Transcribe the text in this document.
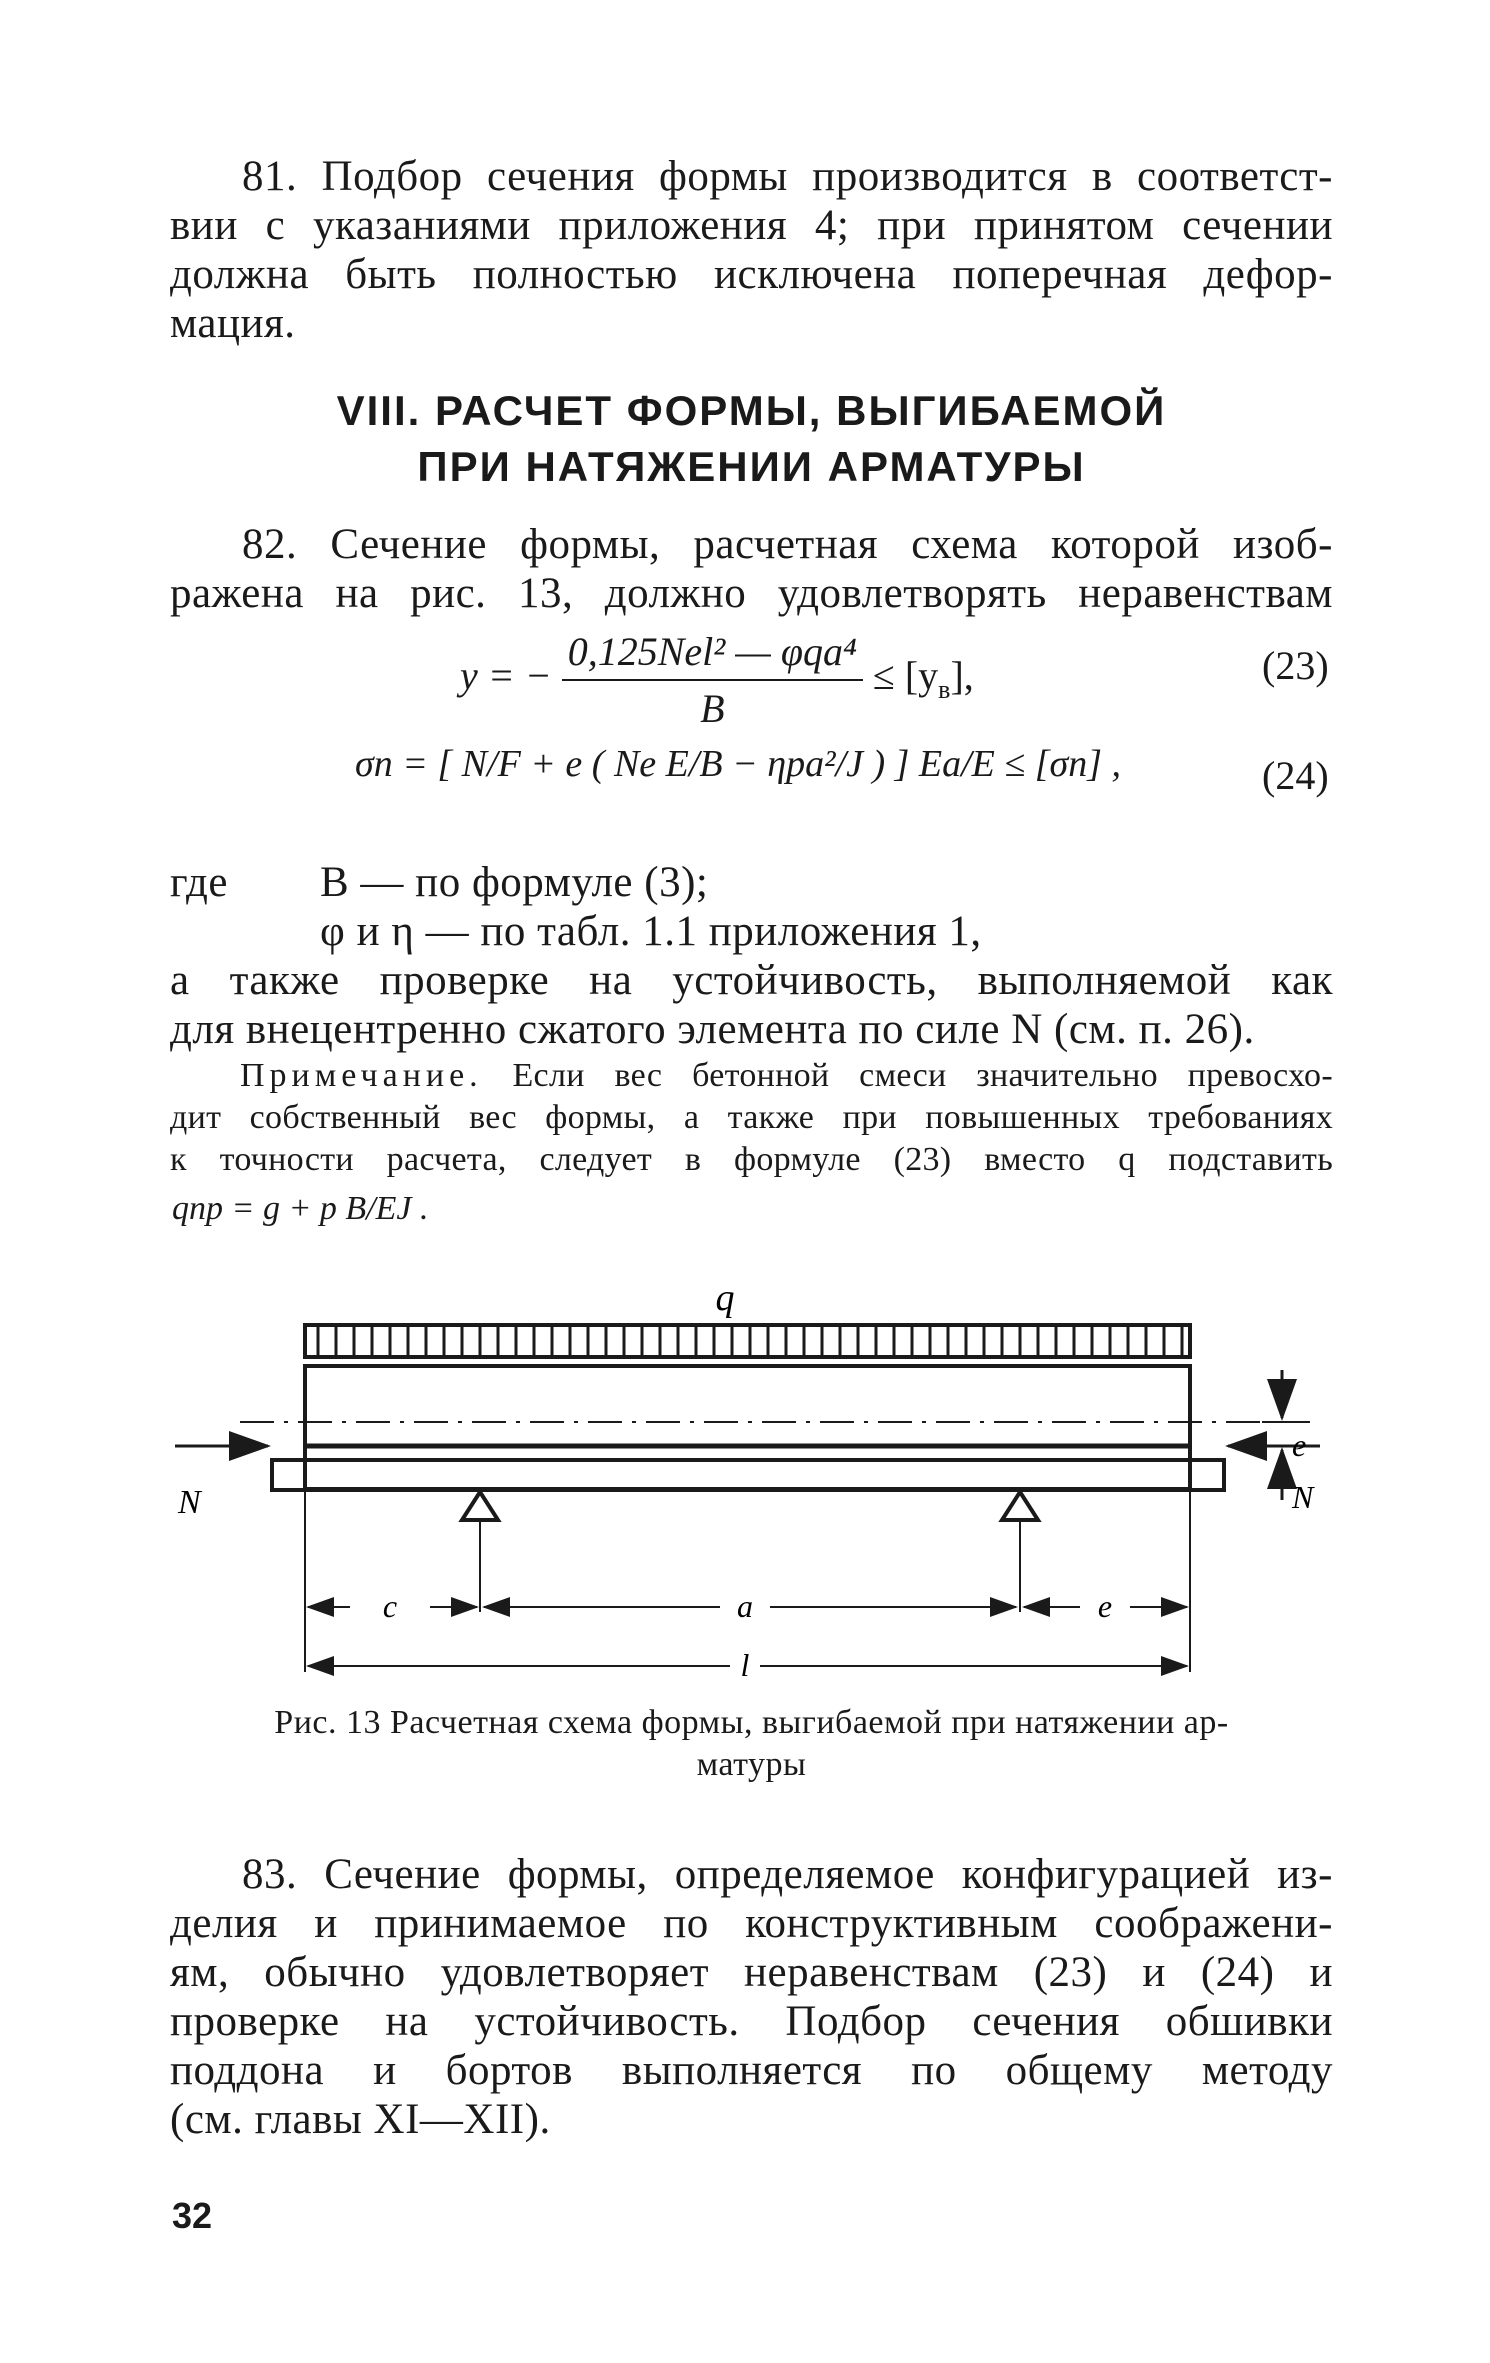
81. Подбор сечения формы производится в соответст-
вии с указаниями приложения 4; при принятом сечении
должна быть полностью исключена поперечная дефор-
мация.
VIII. РАСЧЕТ ФОРМЫ, ВЫГИБАЕМОЙ
ПРИ НАТЯЖЕНИИ АРМАТУРЫ
82. Сечение формы, расчетная схема которой изоб-
ражена на рис. 13, должно удовлетворять неравенствам
y = − $\frac{\text{0,125Nel² — φqa⁴}}{B} \le [y_в]$,	(23)
σп = [ N/F + e ( Ne E/B − ηpa²/J ) ] Eа/E ≤ [σп] ,	(24)
где B — по формуле (3);
φ и η — по табл. 1.1 приложения 1,
а также проверке на устойчивость, выполняемой как
для внецентренно сжатого элемента по силе N (см. п. 26).
Примечание. Если вес бетонной смеси значительно превосхо-
дит собственный вес формы, а также при повышенных требованиях
к точности расчета, следует в формуле (23) вместо q подставить
qпр = g + p B/EJ .
q
N
e
N
c	a	e
l
Рис. 13 Расчетная схема формы, выгибаемой при натяжении ар-
матуры
83. Сечение формы, определяемое конфигурацией из-
делия и принимаемое по конструктивным соображени-
ям, обычно удовлетворяет неравенствам (23) и (24) и
проверке на устойчивость. Подбор сечения обшивки
поддона и бортов выполняется по общему методу
(см. главы XI—XII).
32
